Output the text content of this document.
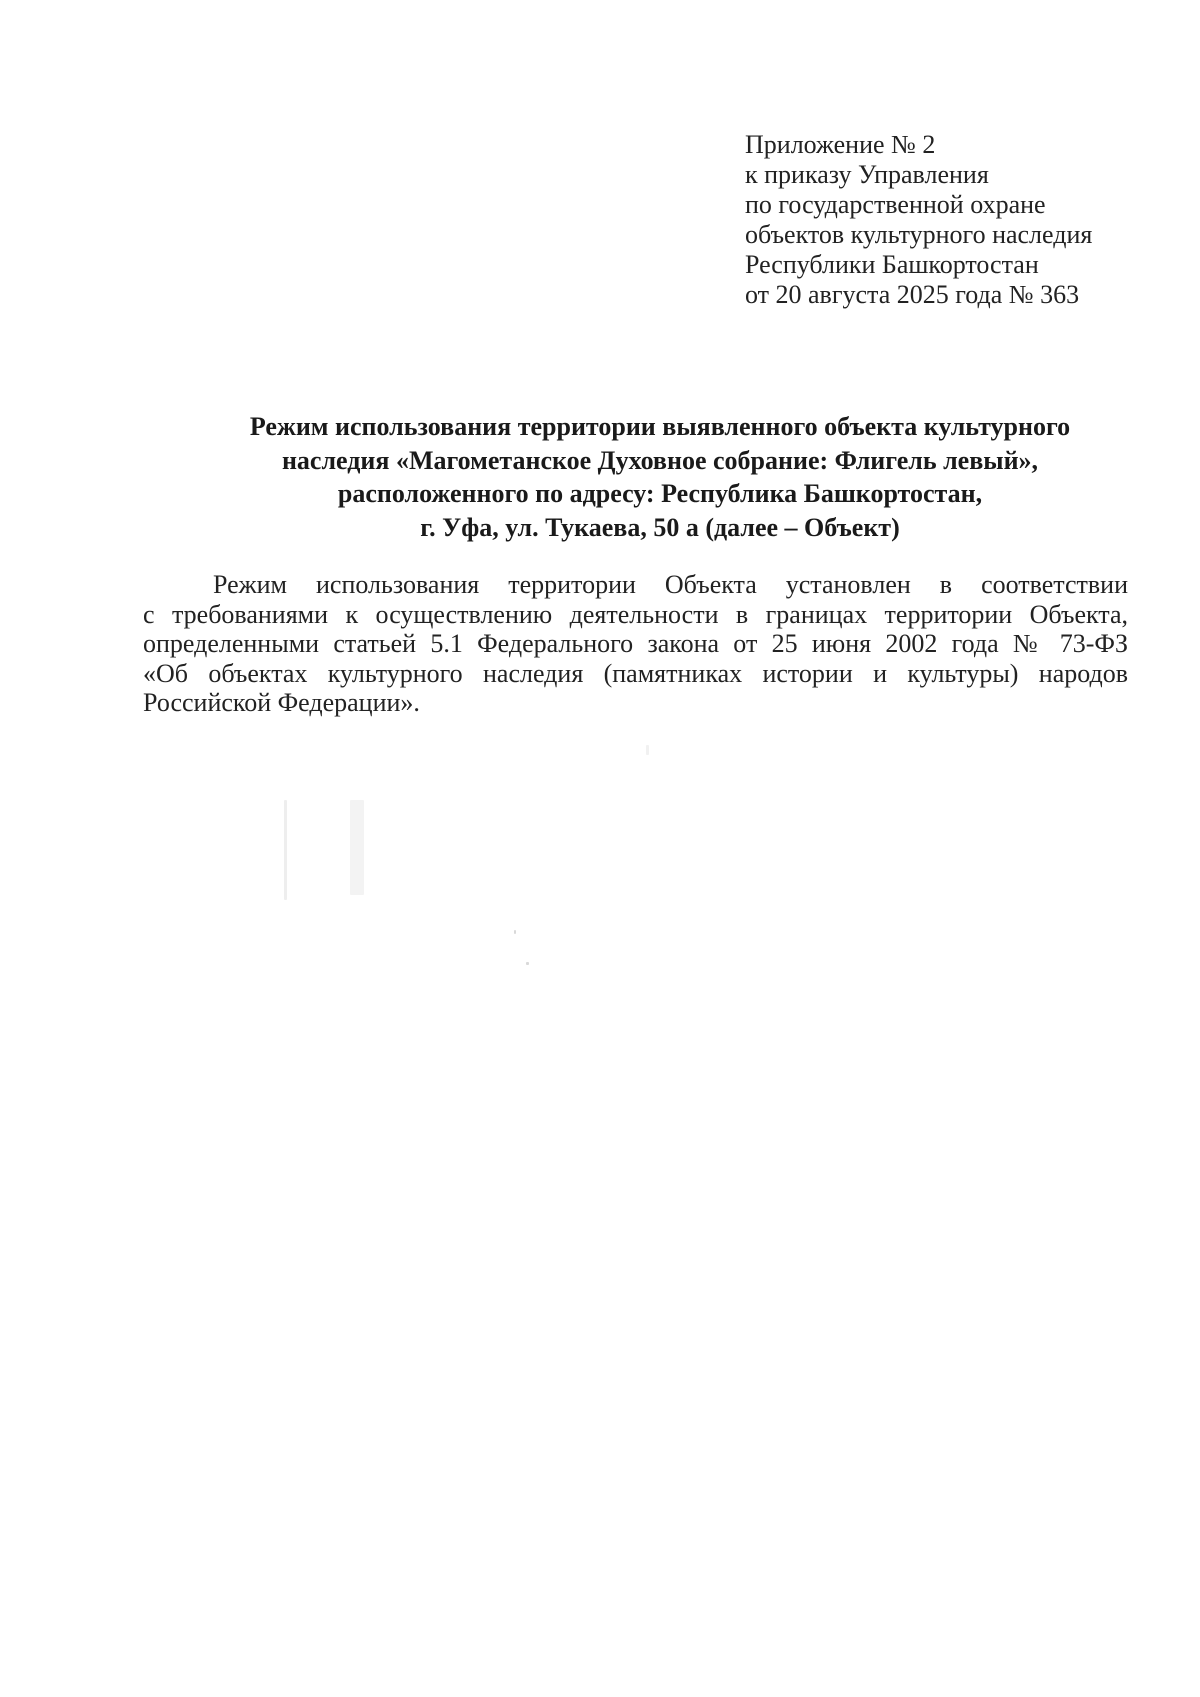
Приложение № 2
к приказу Управления
по государственной охране
объектов культурного наследия
Республики Башкортостан
от 20 августа 2025 года № 363
Режим использования территории выявленного объекта культурного
наследия «Магометанское Духовное собрание: Флигель левый»,
расположенного по адресу: Республика Башкортостан,
г. Уфа, ул. Тукаева, 50 а (далее – Объект)
Режим использования территории Объекта установлен в соответствии
с требованиями к осуществлению деятельности в границах территории Объекта,
определенными статьей 5.1 Федерального закона от 25 июня 2002 года № 73-ФЗ
«Об объектах культурного наследия (памятниках истории и культуры) народов
Российской Федерации».
